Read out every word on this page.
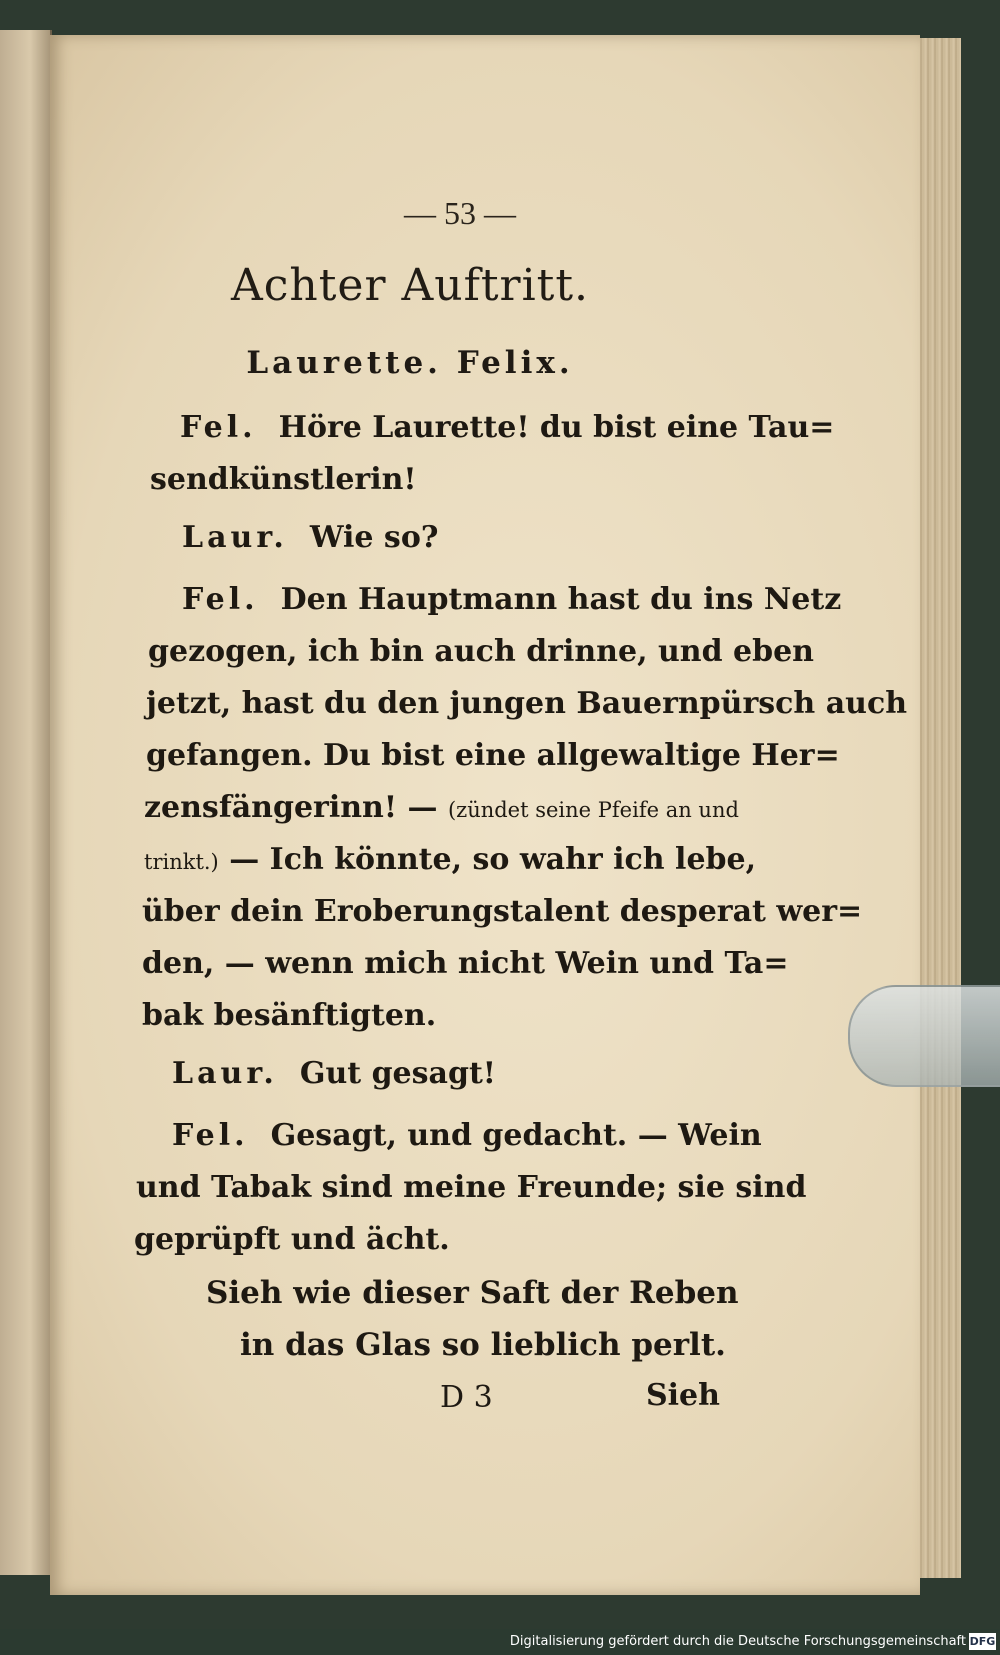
— 53 —
Achter Auftritt.
Laurette. Felix.
Fel. Höre Laurette! du bist eine Tau=
sendkünstlerin!
Laur. Wie so?
Fel. Den Hauptmann hast du ins Netz
gezogen, ich bin auch drinne, und eben
jetzt, hast du den jungen Bauernpürsch auch
gefangen. Du bist eine allgewaltige Her=
zensfängerinn! — (zündet seine Pfeife an und
trinkt.) — Ich könnte, so wahr ich lebe,
über dein Eroberungstalent desperat wer=
den, — wenn mich nicht Wein und Ta=
bak besänftigten.
Laur. Gut gesagt!
Fel. Gesagt, und gedacht. — Wein
und Tabak sind meine Freunde; sie sind
geprüpft und ächt.
Sieh wie dieser Saft der Reben
in das Glas so lieblich perlt.
D 3	Sieh
Digitalisierung gefördert durch die Deutsche Forschungsgemeinschaft DFG
